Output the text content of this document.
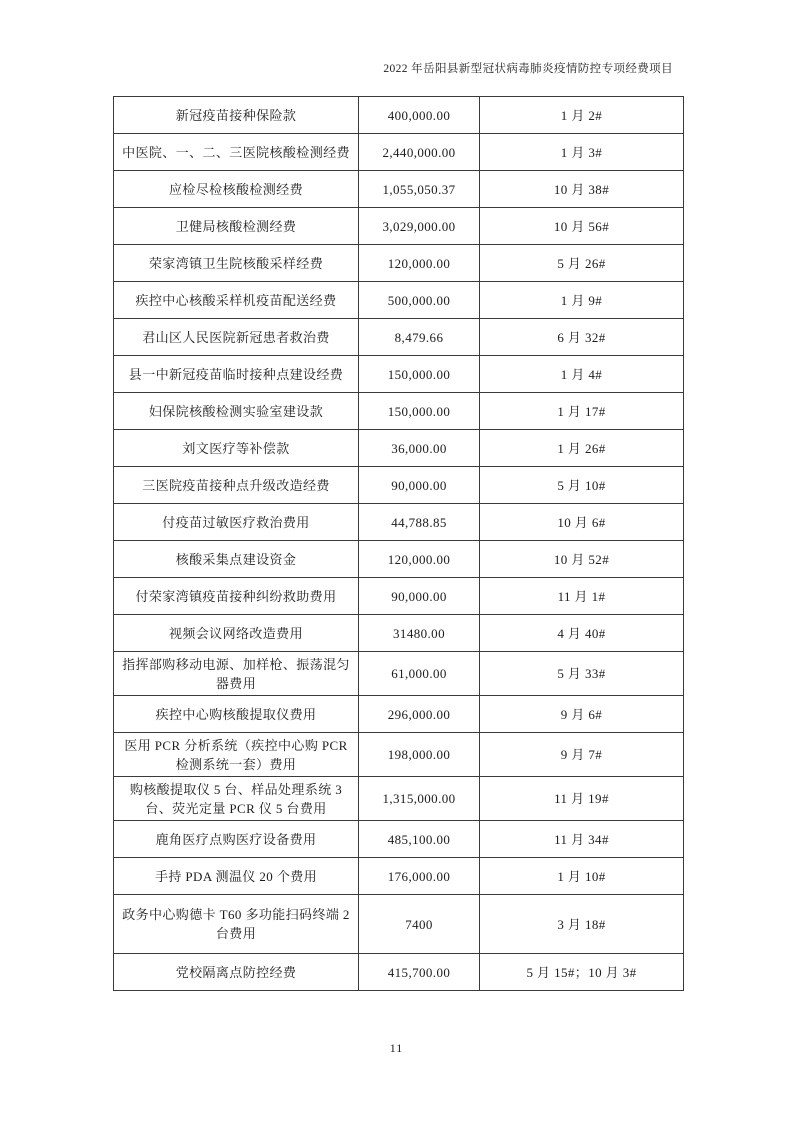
2022 年岳阳县新型冠状病毒肺炎疫情防控专项经费项目
新冠疫苗接种保险款	400,000.00	1 月 2#
中医院、一、二、三医院核酸检测经费	2,440,000.00	1 月 3#
应检尽检核酸检测经费	1,055,050.37	10 月 38#
卫健局核酸检测经费	3,029,000.00	10 月 56#
荣家湾镇卫生院核酸采样经费	120,000.00	5 月 26#
疾控中心核酸采样机疫苗配送经费	500,000.00	1 月 9#
君山区人民医院新冠患者救治费	8,479.66	6 月 32#
县一中新冠疫苗临时接种点建设经费	150,000.00	1 月 4#
妇保院核酸检测实验室建设款	150,000.00	1 月 17#
刘文医疗等补偿款	36,000.00	1 月 26#
三医院疫苗接种点升级改造经费	90,000.00	5 月 10#
付疫苗过敏医疗救治费用	44,788.85	10 月 6#
核酸采集点建设资金	120,000.00	10 月 52#
付荣家湾镇疫苗接种纠纷救助费用	90,000.00	11 月 1#
视频会议网络改造费用	31480.00	4 月 40#
指挥部购移动电源、加样枪、振荡混匀器费用	61,000.00	5 月 33#
疾控中心购核酸提取仪费用	296,000.00	9 月 6#
医用 PCR 分析系统（疾控中心购 PCR 检测系统一套）费用	198,000.00	9 月 7#
购核酸提取仪 5 台、样品处理系统 3 台、荧光定量 PCR 仪 5 台费用	1,315,000.00	11 月 19#
鹿角医疗点购医疗设备费用	485,100.00	11 月 34#
手持 PDA 测温仪 20 个费用	176,000.00	1 月 10#
政务中心购德卡 T60 多功能扫码终端 2 台费用	7400	3 月 18#
党校隔离点防控经费	415,700.00	5 月 15#；10 月 3#
11
